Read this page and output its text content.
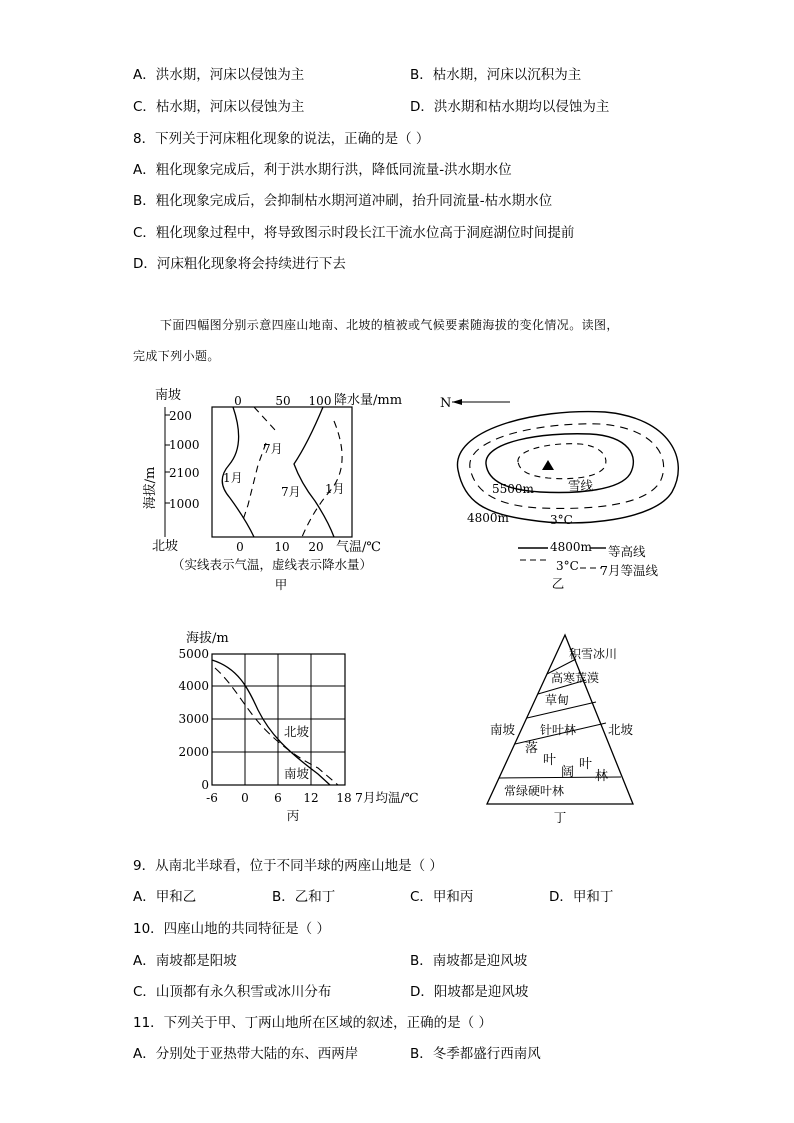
A．洪水期，河床以侵蚀为主	B．枯水期，河床以沉积为主
C．枯水期，河床以侵蚀为主	D．洪水期和枯水期均以侵蚀为主
8．下列关于河床粗化现象的说法，正确的是（ ）
A．粗化现象完成后，利于洪水期行洪，降低同流量-洪水期水位
B．粗化现象完成后，会抑制枯水期河道冲刷，抬升同流量-枯水期水位
C．粗化现象过程中，将导致图示时段长江干流水位高于洞庭湖位时间提前
D．河床粗化现象将会持续进行下去
下面四幅图分别示意四座山地南、北坡的植被或气候要素随海拔的变化情况。读图，
完成下列小题。
南坡
北坡
海拔/m
200
1000
2100
1000
0	50 100 降水量/mm
0	10 20 气温/℃
7月
1月
7月 1月
（实线表示气温，虚线表示降水量）
甲
N
5500m	雪线
4800m	3°C
4800m 等高线
3°C 7月等温线
乙
海拔/m
5000
4000
3000
2000
0
-6 0 6 12 18 7月均温/℃
北坡
南坡
丙
积雪冰川
高寒荒漠
草甸
针叶林
落
叶
阔
叶
林
常绿硬叶林
南坡	北坡
丁
9．从南北半球看，位于不同半球的两座山地是（ ）
A．甲和乙	B．乙和丁	C．甲和丙	D．甲和丁
10．四座山地的共同特征是（ ）
A．南坡都是阳坡	B．南坡都是迎风坡
C．山顶都有永久积雪或冰川分布	D．阳坡都是迎风坡
11．下列关于甲、丁两山地所在区域的叙述，正确的是（ ）
A．分别处于亚热带大陆的东、西两岸	B．冬季都盛行西南风
